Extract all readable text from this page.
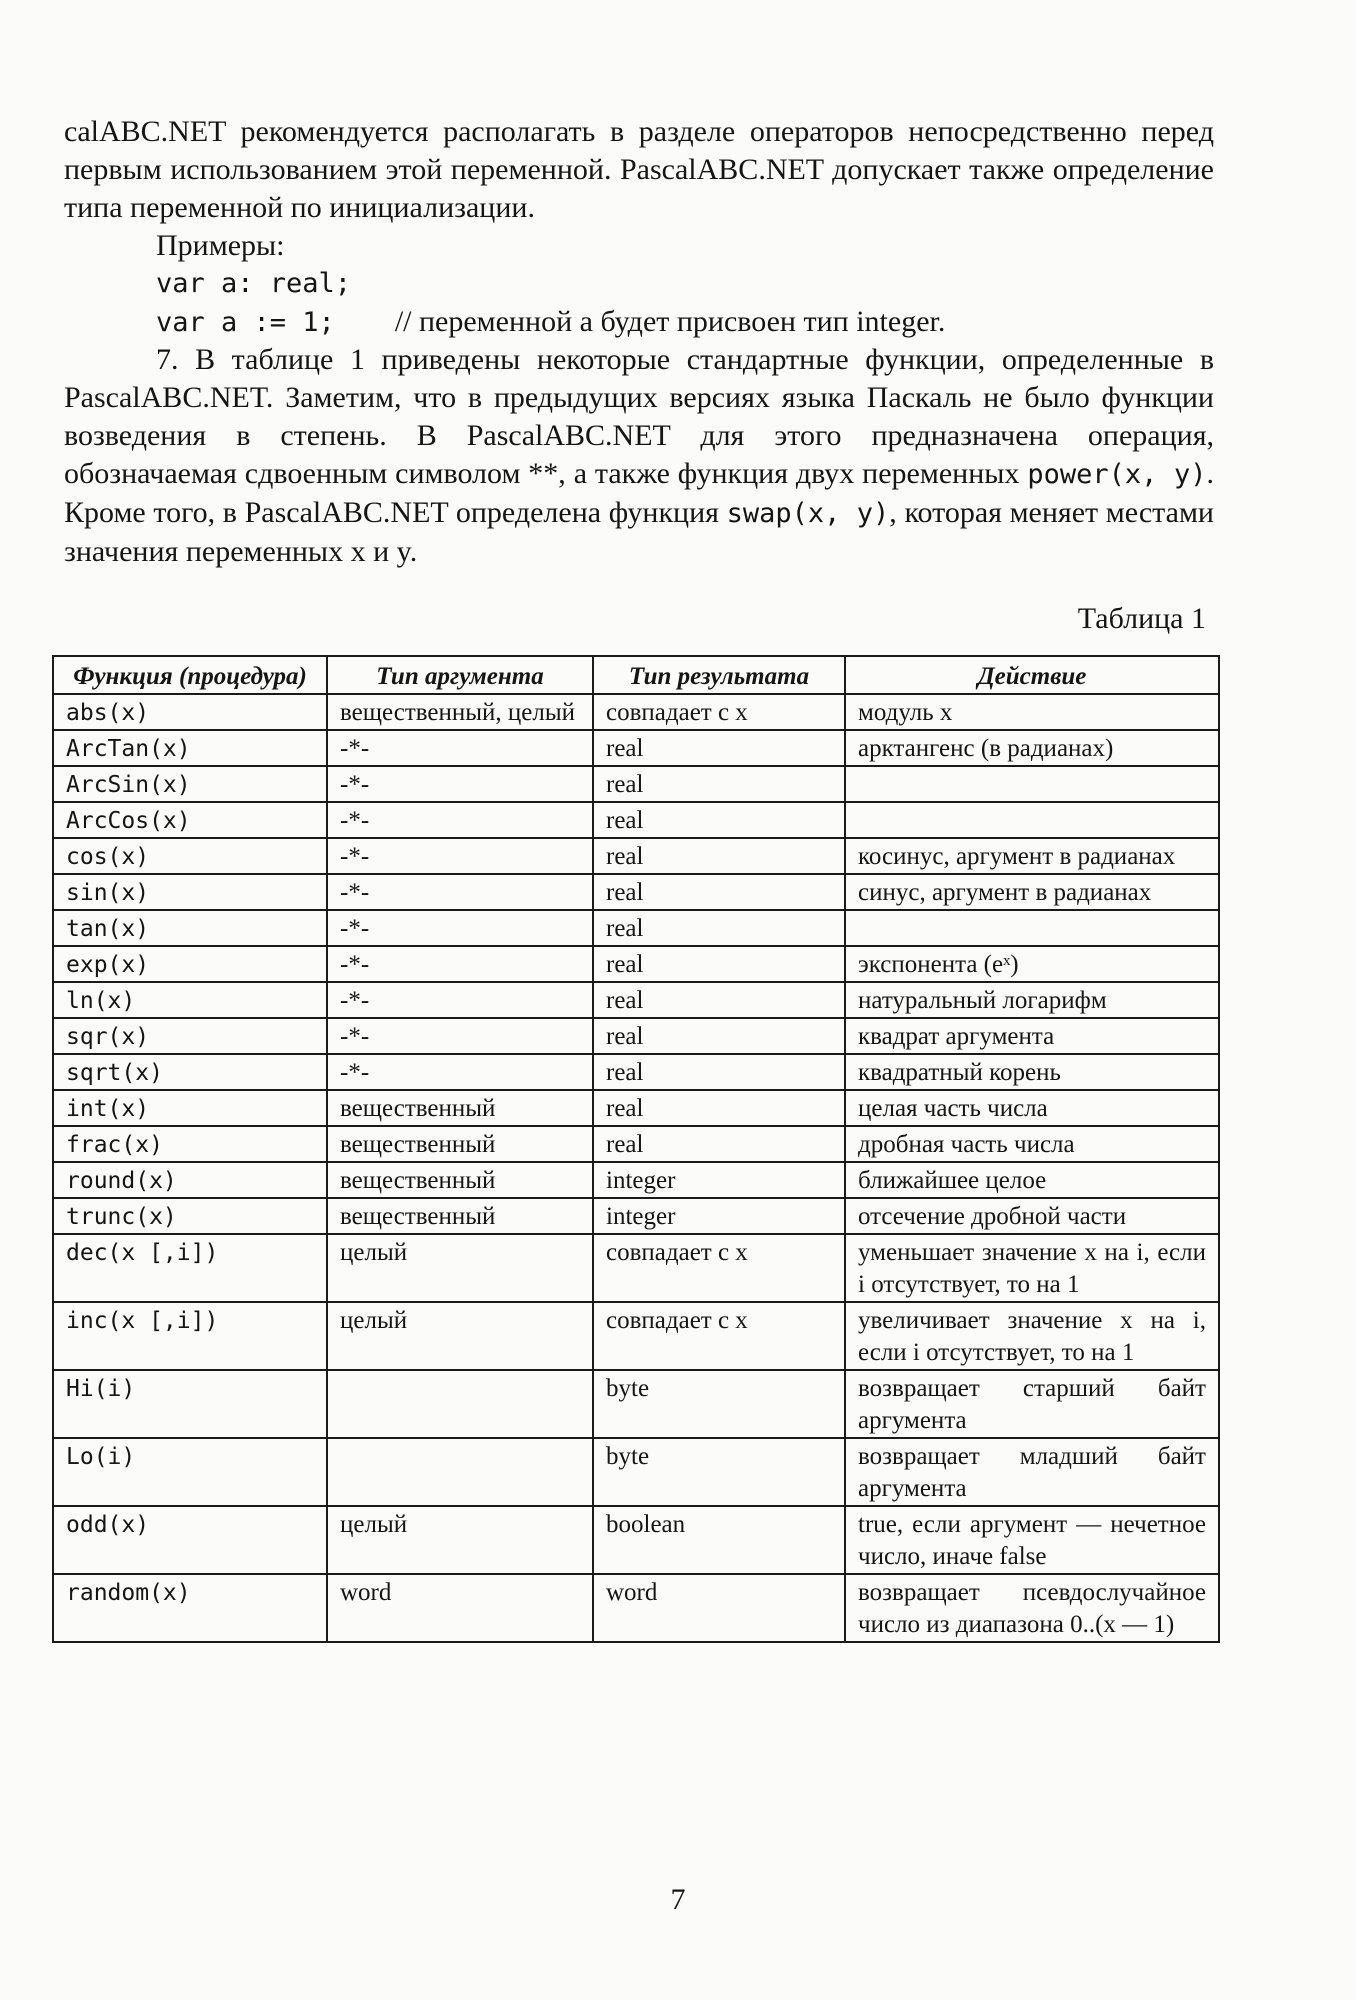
calABC.NET рекомендуется располагать в разделе операторов непосредственно перед первым использованием этой переменной. PascalABC.NET допускает также определение типа переменной по инициализации.
Примеры:
var a: real;
var a := 1; // переменной a будет присвоен тип integer.
7. В таблице 1 приведены некоторые стандартные функции, определенные в PascalABC.NET. Заметим, что в предыдущих версиях языка Паскаль не было функции возведения в степень. В PascalABC.NET для этого предназначена операция, обозначаемая сдвоенным символом **, а также функция двух переменных power(x, y). Кроме того, в PascalABC.NET определена функция swap(x, y), которая меняет местами значения переменных x и y.
Таблица 1
Функция (процедура)	Тип аргумента	Тип результата	Действие
abs(x)	вещественный, целый	совпадает с x	модуль x
ArcTan(x)	-*-	real	арктангенс (в радианах)
ArcSin(x)	-*-	real	
ArcCos(x)	-*-	real	
cos(x)	-*-	real	косинус, аргумент в радианах
sin(x)	-*-	real	синус, аргумент в радианах
tan(x)	-*-	real	
exp(x)	-*-	real	экспонента (eˣ)
ln(x)	-*-	real	натуральный логарифм
sqr(x)	-*-	real	квадрат аргумента
sqrt(x)	-*-	real	квадратный корень
int(x)	вещественный	real	целая часть числа
frac(x)	вещественный	real	дробная часть числа
round(x)	вещественный	integer	ближайшее целое
trunc(x)	вещественный	integer	отсечение дробной части
dec(x [,i])	целый	совпадает с x	уменьшает значение x на i, если i отсутствует, то на 1
inc(x [,i])	целый	совпадает с x	увеличивает значение x на i, если i отсутствует, то на 1
Hi(i)		byte	возвращает старший байт аргумента
Lo(i)		byte	возвращает младший байт аргумента
odd(x)	целый	boolean	true, если аргумент — нечетное число, иначе false
random(x)	word	word	возвращает псевдослучайное число из диапазона 0..(x — 1)
7
